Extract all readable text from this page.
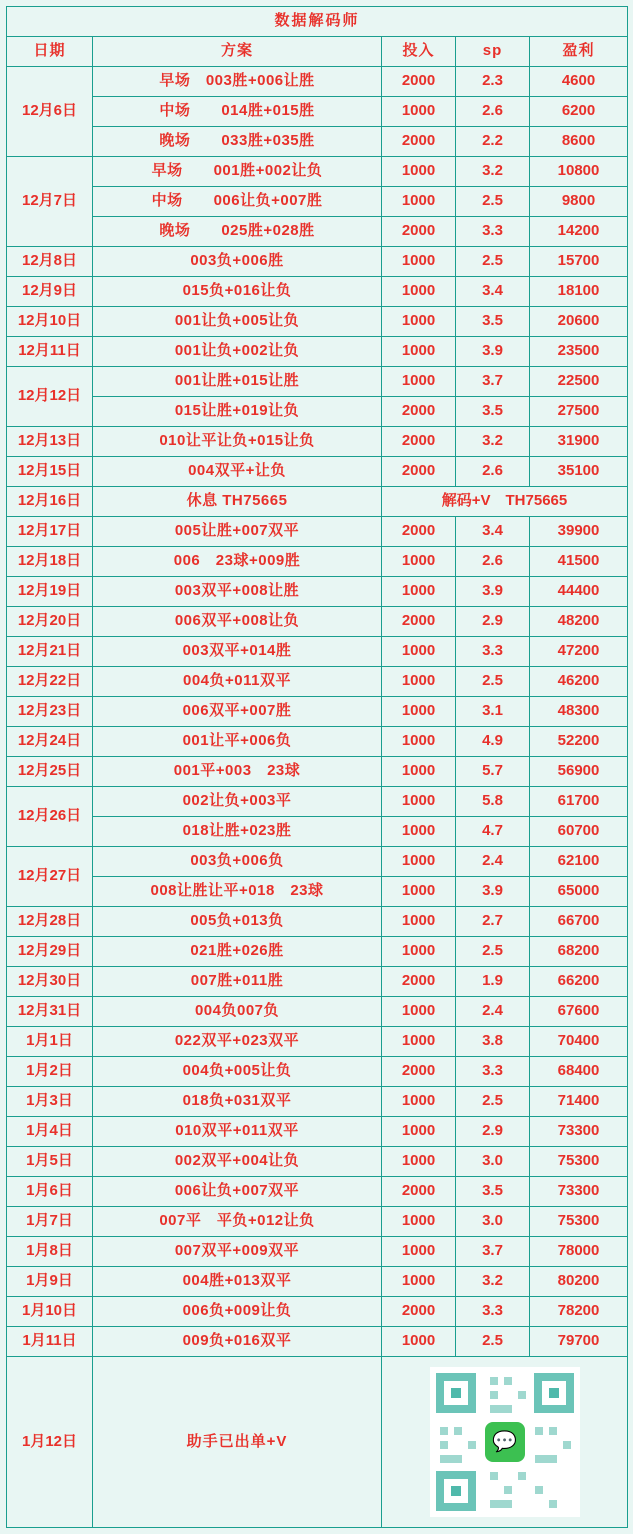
数据解码师				
日期	方案	投入	sp	盈利
12月6日	早场　003胜+006让胜	2000	2.3	4600
	中场　　014胜+015胜	1000	2.6	6200
	晚场　　033胜+035胜	2000	2.2	8600
12月7日	早场　　001胜+002让负	1000	3.2	10800
	中场　　006让负+007胜	1000	2.5	9800
	晚场　　025胜+028胜	2000	3.3	14200
12月8日	003负+006胜	1000	2.5	15700
12月9日	015负+016让负	1000	3.4	18100
12月10日	001让负+005让负	1000	3.5	20600
12月11日	001让负+002让负	1000	3.9	23500
12月12日	001让胜+015让胜	1000	3.7	22500
	015让胜+019让负	2000	3.5	27500
12月13日	010让平让负+015让负	2000	3.2	31900
12月15日	004双平+让负	2000	2.6	35100
12月16日	休息 TH75665	解码+V　TH75665		
12月17日	005让胜+007双平	2000	3.4	39900
12月18日	006　23球+009胜	1000	2.6	41500
12月19日	003双平+008让胜	1000	3.9	44400
12月20日	006双平+008让负	2000	2.9	48200
12月21日	003双平+014胜	1000	3.3	47200
12月22日	004负+011双平	1000	2.5	46200
12月23日	006双平+007胜	1000	3.1	48300
12月24日	001让平+006负	1000	4.9	52200
12月25日	001平+003　23球	1000	5.7	56900
12月26日	002让负+003平	1000	5.8	61700
	018让胜+023胜	1000	4.7	60700
12月27日	003负+006负	1000	2.4	62100
	008让胜让平+018　23球	1000	3.9	65000
12月28日	005负+013负	1000	2.7	66700
12月29日	021胜+026胜	1000	2.5	68200
12月30日	007胜+011胜	2000	1.9	66200
12月31日	004负007负	1000	2.4	67600
1月1日	022双平+023双平	1000	3.8	70400
1月2日	004负+005让负	2000	3.3	68400
1月3日	018负+031双平	1000	2.5	71400
1月4日	010双平+011双平	1000	2.9	73300
1月5日	002双平+004让负	1000	3.0	75300
1月6日	006让负+007双平	2000	3.5	73300
1月7日	007平　平负+012让负	1000	3.0	75300
1月8日	007双平+009双平	1000	3.7	78000
1月9日	004胜+013双平	1000	3.2	80200
1月10日	006负+009让负	2000	3.3	78200
1月11日	009负+016双平	1000	2.5	79700
1月12日	助手已出单+V	💬		
